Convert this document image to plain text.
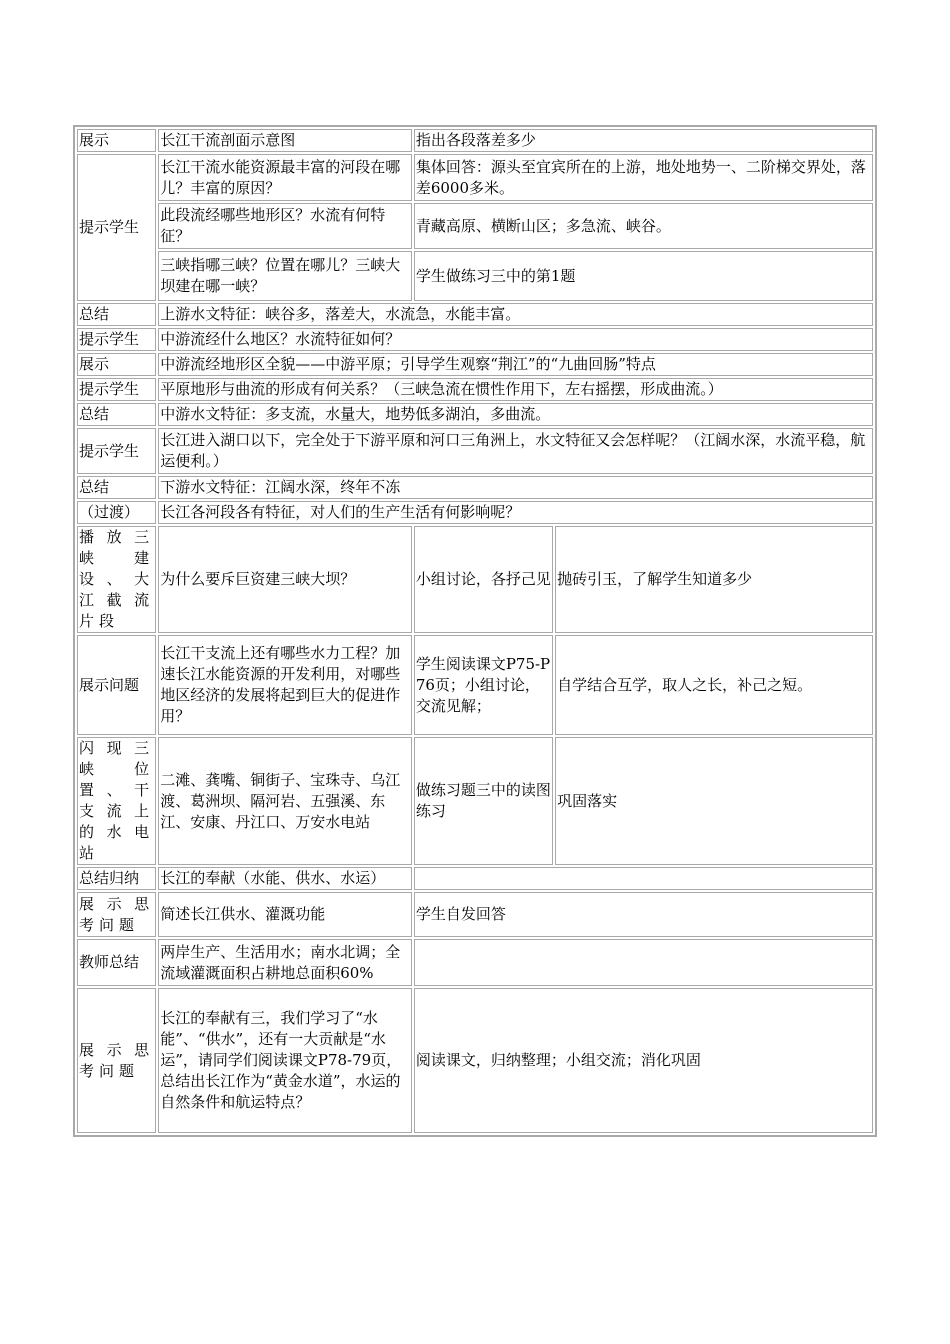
展示	长江干流剖面示意图	指出各段落差多少	
提示学生	长江干流水能资源最丰富的河段在哪儿？丰富的原因？	集体回答：源头至宜宾所在的上游，地处地势一、二阶梯交界处，落差6000多米。	
	此段流经哪些地形区？水流有何特征？	青藏高原、横断山区；多急流、峡谷。	
	三峡指哪三峡？位置在哪儿？三峡大坝建在哪一峡？	学生做练习三中的第1题	
总结	上游水文特征：峡谷多，落差大，水流急，水能丰富。		
提示学生	中游流经什么地区？水流特征如何？		
展示	中游流经地形区全貌——中游平原；引导学生观察“荆江”的“九曲回肠”特点		
提示学生	平原地形与曲流的形成有何关系？（三峡急流在惯性作用下，左右摇摆，形成曲流。）		
总结	中游水文特征：多支流，水量大，地势低多湖泊，多曲流。		
提示学生	长江进入湖口以下，完全处于下游平原和河口三角洲上，水文特征又会怎样呢？（江阔水深，水流平稳，航运便利。）		
总结	下游水文特征：江阔水深，终年不冻		
（过渡）	长江各河段各有特征，对人们的生产生活有何影响呢？		
播放三峡建设、大江截流片段	为什么要斥巨资建三峡大坝？	小组讨论，各抒己见	抛砖引玉，了解学生知道多少
展示问题	长江干支流上还有哪些水力工程？加速长江水能资源的开发利用，对哪些地区经济的发展将起到巨大的促进作用？	学生阅读课文P75-P76页；小组讨论，交流见解；	自学结合互学，取人之长，补己之短。
闪现三峡位置、干支流上的水电站	二滩、龚嘴、铜街子、宝珠寺、乌江渡、葛洲坝、隔河岩、五强溪、东江、安康、丹江口、万安水电站	做练习题三中的读图练习	巩固落实
总结归纳	长江的奉献（水能、供水、水运）		
展示思考问题	简述长江供水、灌溉功能	学生自发回答	
教师总结	两岸生产、生活用水；南水北调；全流域灌溉面积占耕地总面积60%		
展示思考问题	长江的奉献有三，我们学习了“水能”、“供水”，还有一大贡献是“水运”，请同学们阅读课文P78-79页，总结出长江作为“黄金水道”，水运的自然条件和航运特点？	阅读课文，归纳整理；小组交流；消化巩固	
